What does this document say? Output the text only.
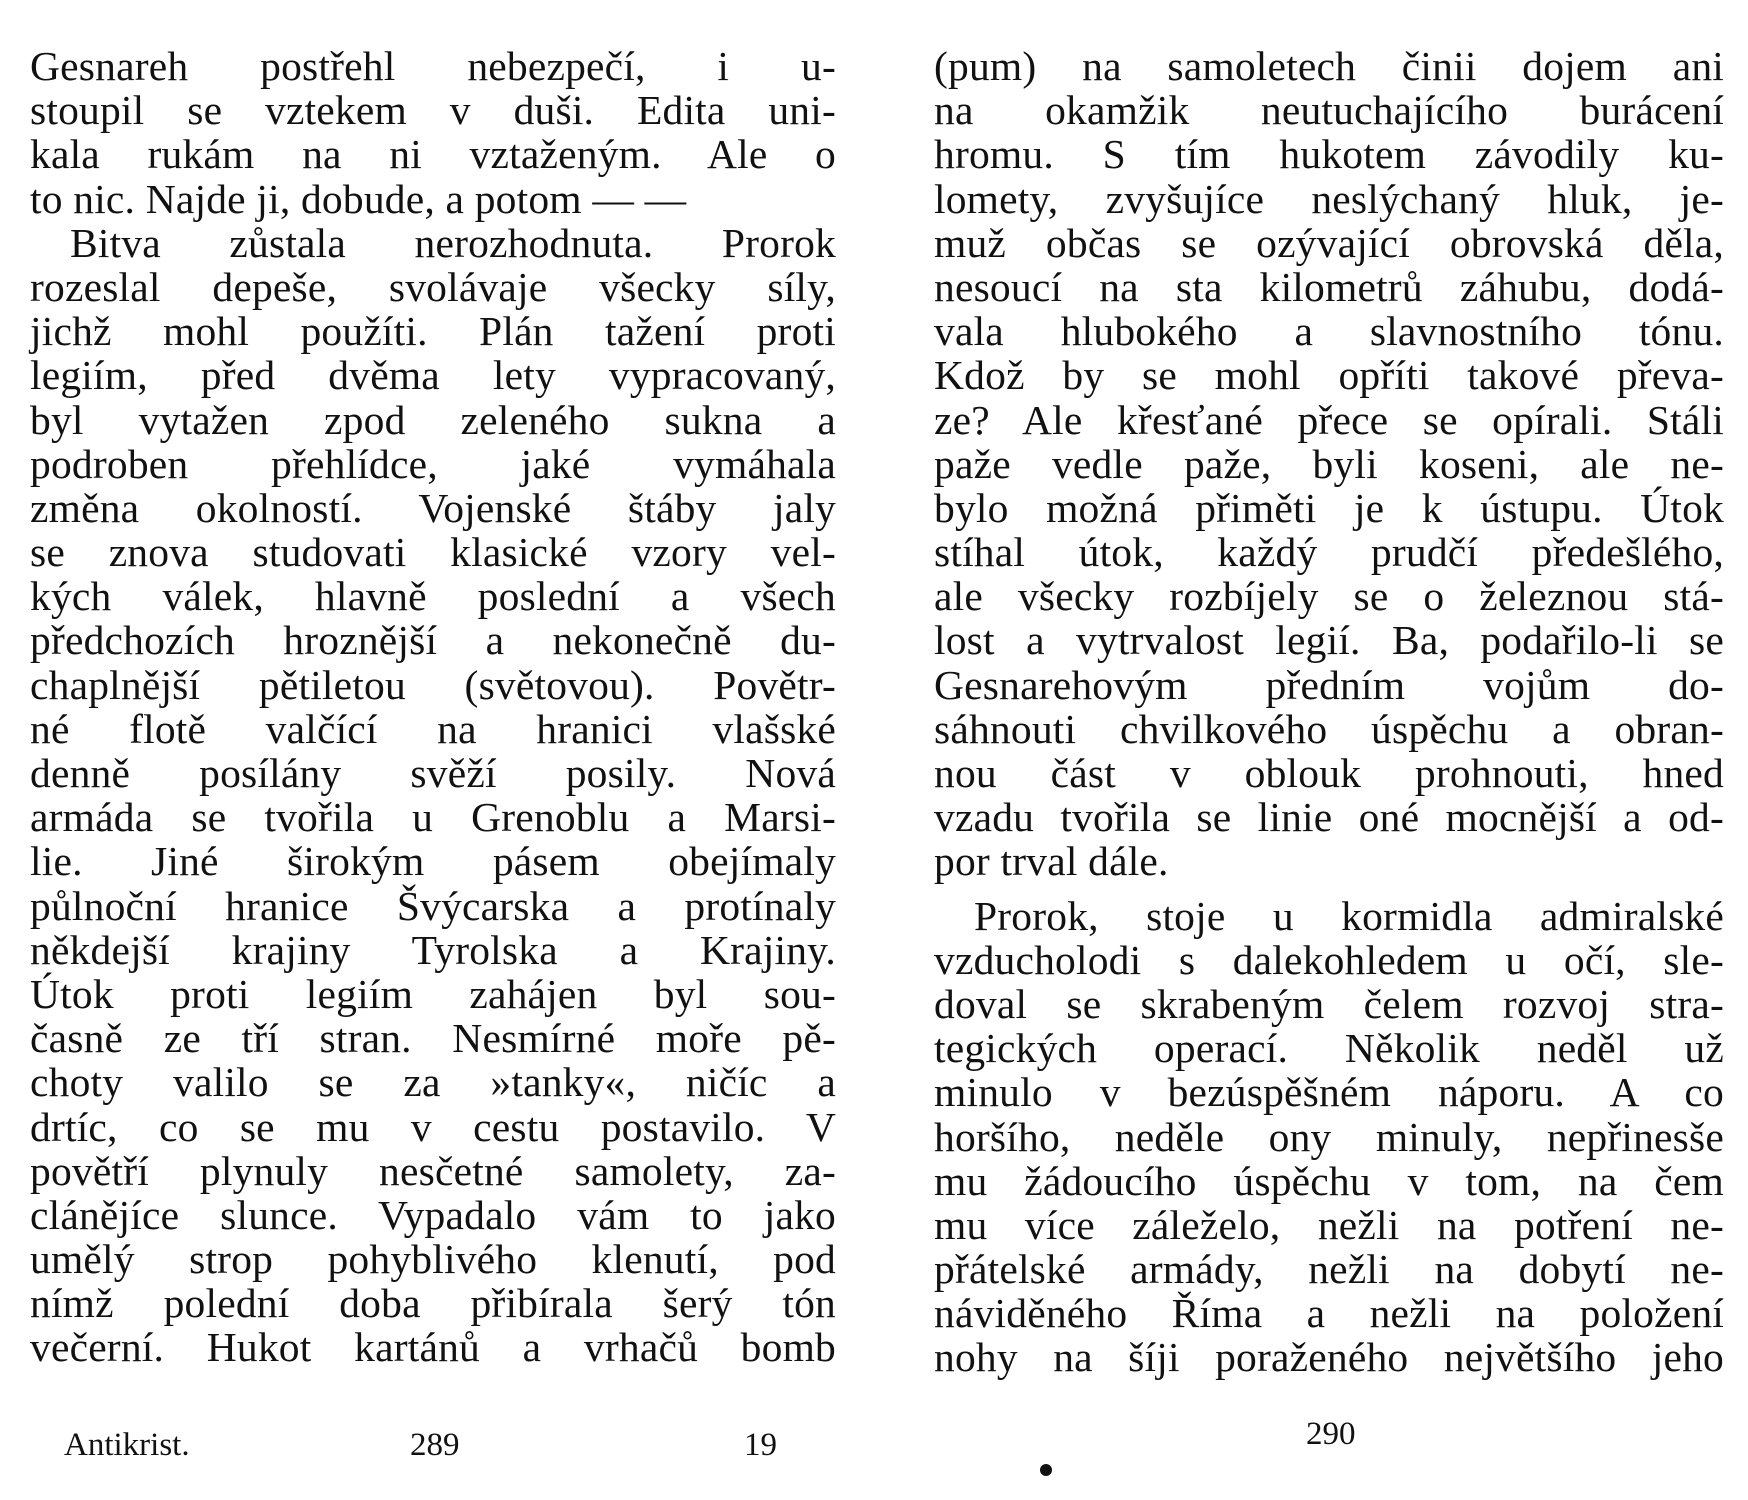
Gesnareh postřehl nebezpečí, i u-
stoupil se vztekem v duši. Edita uni-
kala rukám na ni vztaženým. Ale o
to nic. Najde ji, dobude, a potom — —
Bitva zůstala nerozhodnuta. Prorok
rozeslal depeše, svolávaje všecky síly,
jichž mohl použíti. Plán tažení proti
legiím, před dvěma lety vypracovaný,
byl vytažen zpod zeleného sukna a
podroben přehlídce, jaké vymáhala
změna okolností. Vojenské štáby jaly
se znova studovati klasické vzory vel-
kých válek, hlavně poslední a všech
předchozích hroznější a nekonečně du-
chaplnější pětiletou (světovou). Povětr-
né flotě valčící na hranici vlašské
denně posílány svěží posily. Nová
armáda se tvořila u Grenoblu a Marsi-
lie. Jiné širokým pásem obejímaly
půlnoční hranice Švýcarska a protínaly
někdejší krajiny Tyrolska a Krajiny.
Útok proti legiím zahájen byl sou-
časně ze tří stran. Nesmírné moře pě-
choty valilo se za »tanky«, ničíc a
drtíc, co se mu v cestu postavilo. V
povětří plynuly nesčetné samolety, za-
clánějíce slunce. Vypadalo vám to jako
umělý strop pohyblivého klenutí, pod
nímž polední doba přibírala šerý tón
večerní. Hukot kartánů a vrhačů bomb
Antikrist.	289	19
(pum) na samoletech činii dojem ani
na okamžik neutuchajícího burácení
hromu. S tím hukotem závodily ku-
lomety, zvyšujíce neslýchaný hluk, je-
muž občas se ozývající obrovská děla,
nesoucí na sta kilometrů záhubu, dodá-
vala hlubokého a slavnostního tónu.
Kdož by se mohl opříti takové převa-
ze? Ale křesťané přece se opírali. Stáli
paže vedle paže, byli koseni, ale ne-
bylo možná přiměti je k ústupu. Útok
stíhal útok, každý prudčí předešlého,
ale všecky rozbíjely se o železnou stá-
lost a vytrvalost legií. Ba, podařilo-li se
Gesnarehovým předním vojům do-
sáhnouti chvilkového úspěchu a obran-
nou část v oblouk prohnouti, hned
vzadu tvořila se linie oné mocnější a od-
por trval dále.
Prorok, stoje u kormidla admiralské
vzducholodi s dalekohledem u očí, sle-
doval se skrabeným čelem rozvoj stra-
tegických operací. Několik neděl už
minulo v bezúspěšném náporu. A co
horšího, neděle ony minuly, nepřinesše
mu žádoucího úspěchu v tom, na čem
mu více záleželo, nežli na potření ne-
přátelské armády, nežli na dobytí ne-
náviděného Říma a nežli na položení
nohy na šíji poraženého největšího jeho
290
